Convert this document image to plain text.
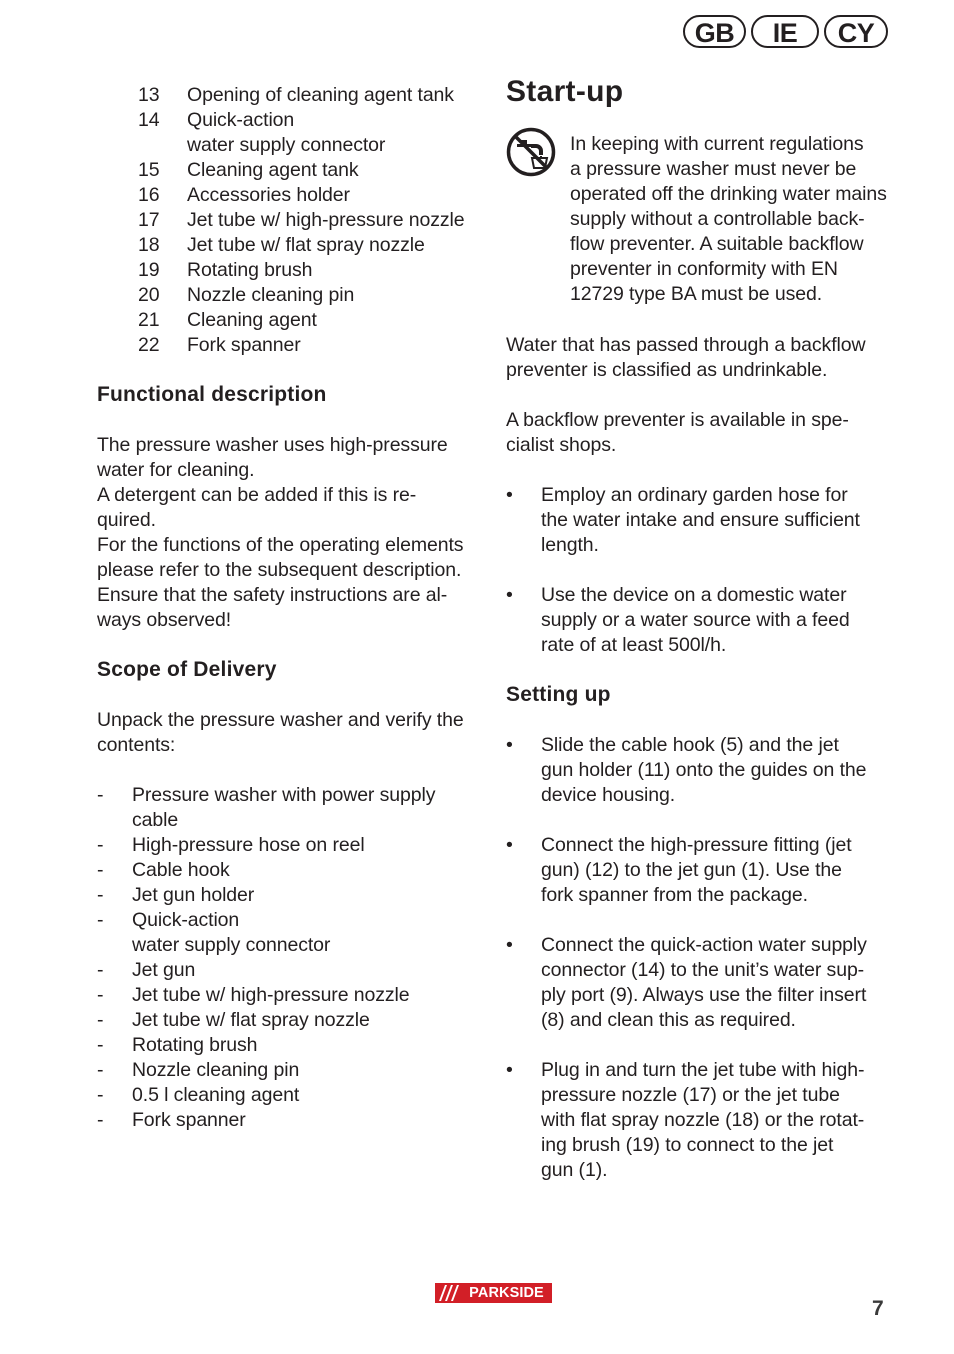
GB	IE	CY
13	Opening of cleaning agent tank
14	Quick-action
water supply connector
15	Cleaning agent tank
16	Accessories holder
17	Jet tube w/ high-pressure nozzle
18	Jet tube w/ flat spray nozzle
19	Rotating brush
20	Nozzle cleaning pin
21	Cleaning agent
22	Fork spanner
Functional description
The pressure washer uses high-pressure
water for cleaning.
A detergent can be added if this is re-
quired.
For the functions of the operating elements
please refer to the subsequent description.
Ensure that the safety instructions are al-
ways observed!
Scope of Delivery
Unpack the pressure washer and verify the
contents:
-	Pressure washer with power supply
cable
-	High-pressure hose on reel
-	Cable hook
-	Jet gun holder
-	Quick-action
water supply connector
-	Jet gun
-	Jet tube w/ high-pressure nozzle
-	Jet tube w/ flat spray nozzle
-	Rotating brush
-	Nozzle cleaning pin
-	0.5 l cleaning agent
-	Fork spanner
Start-up
In keeping with current regulations
a pressure washer must never be
operated off the drinking water mains
supply without a controllable back-
flow preventer. A suitable backflow
preventer in conformity with EN
12729 type BA must be used.
Water that has passed through a backflow
preventer is classified as undrinkable.
A backflow preventer is available in spe-
cialist shops.
•	Employ an ordinary garden hose for
the water intake and ensure sufficient
length.
•	Use the device on a domestic water
supply or a water source with a feed
rate of at least 500l/h.
Setting up
•	Slide the cable hook (5) and the jet
gun holder (11) onto the guides on the
device housing.
•	Connect the high-pressure fitting (jet
gun) (12) to the jet gun (1). Use the
fork spanner from the package.
•	Connect the quick-action water supply
connector (14) to the unit’s water sup-
ply port (9). Always use the filter insert
(8) and clean this as required.
•	Plug in and turn the jet tube with high-
pressure nozzle (17) or the jet tube
with flat spray nozzle (18) or the rotat-
ing brush (19) to connect to the jet
gun (1).
PARKSIDE
7
